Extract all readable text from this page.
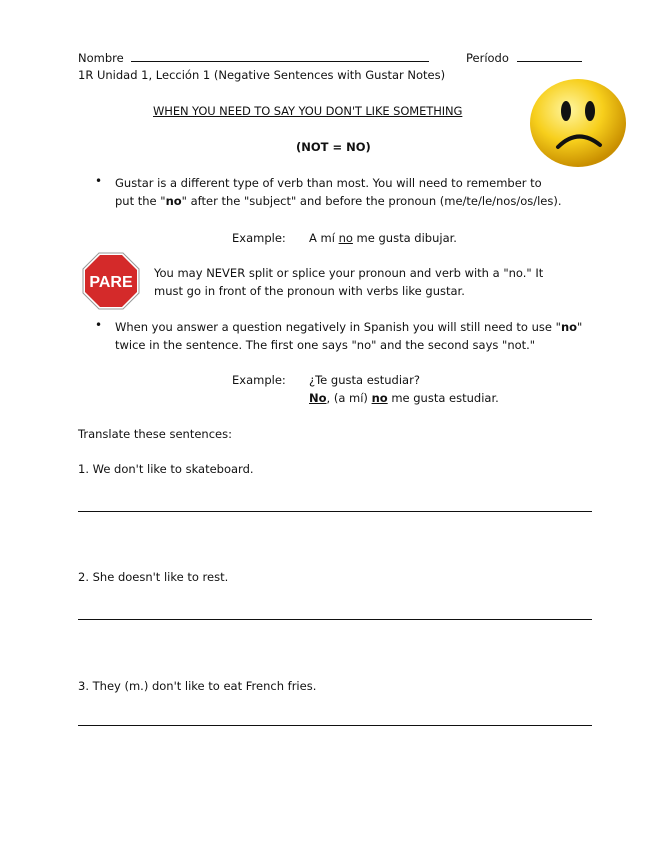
Nombre	Período
1R Unidad 1, Lección 1 (Negative Sentences with Gustar Notes)
WHEN YOU NEED TO SAY YOU DON'T LIKE SOMETHING
(NOT = NO)
• Gustar is a different type of verb than most. You will need to remember to
put the "no" after the "subject" and before the pronoun (me/te/le/nos/os/les).
Example: A mí no me gusta dibujar.
PARE
You may NEVER split or splice your pronoun and verb with a "no." It
must go in front of the pronoun with verbs like gustar.
• When you answer a question negatively in Spanish you will still need to use "no"
twice in the sentence. The first one says "no" and the second says "not."
Example: ¿Te gusta estudiar?
No, (a mí) no me gusta estudiar.
Translate these sentences:
1. We don't like to skateboard.
2. She doesn't like to rest.
3. They (m.) don't like to eat French fries.
